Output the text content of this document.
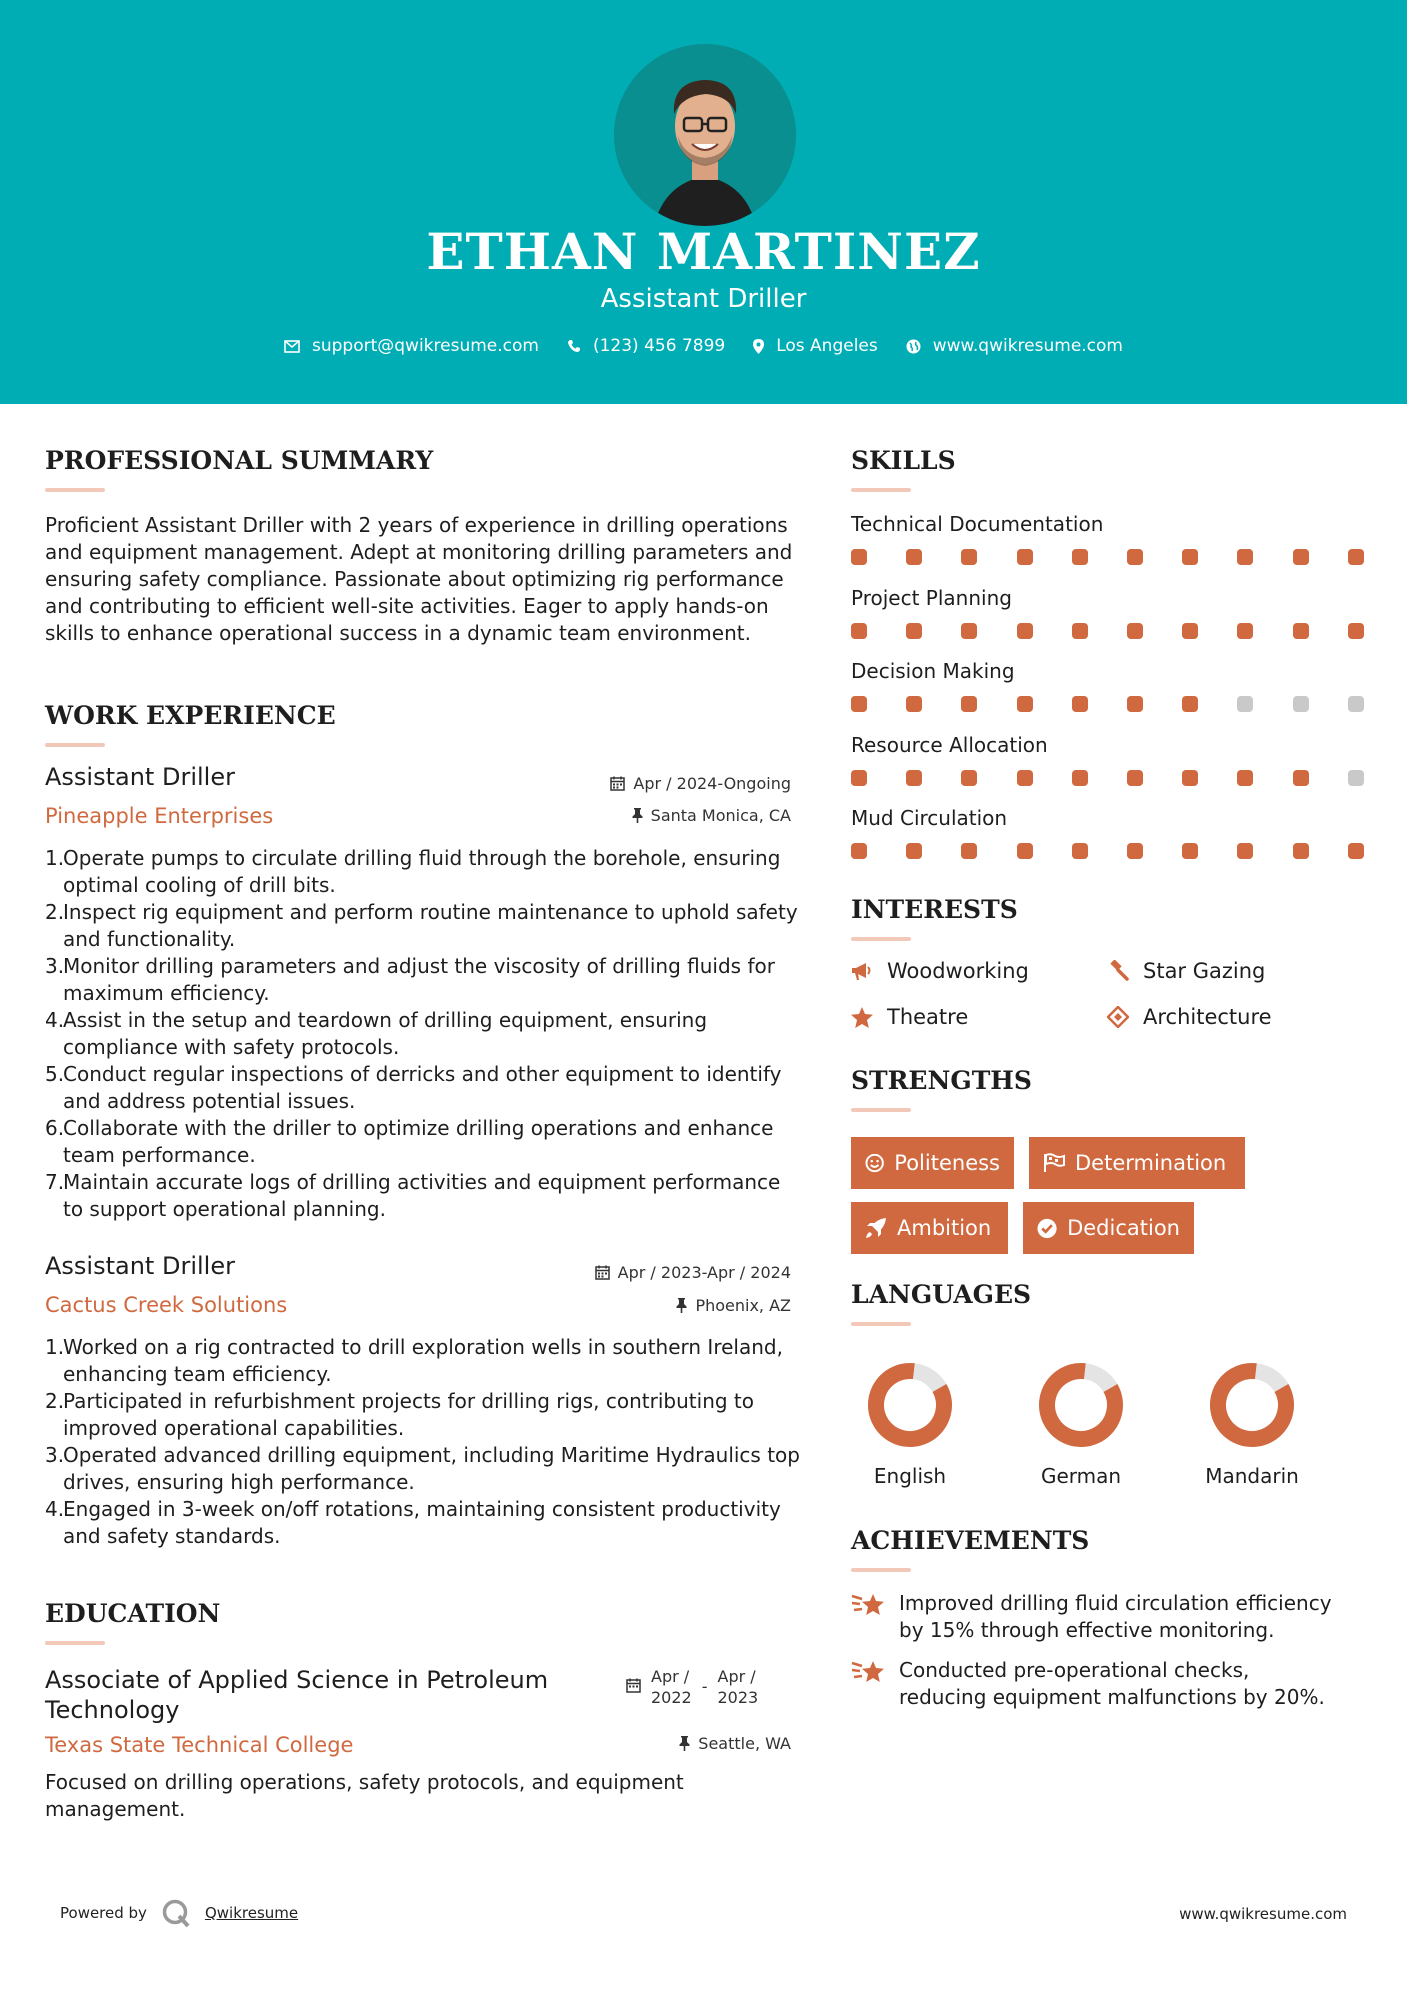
ETHAN MARTINEZ
Assistant Driller
support@qwikresume.com	(123) 456 7899	Los Angeles	www.qwikresume.com
PROFESSIONAL SUMMARY
Proficient Assistant Driller with 2 years of experience in drilling operations and equipment management. Adept at monitoring drilling parameters and ensuring safety compliance. Passionate about optimizing rig performance and contributing to efficient well-site activities. Eager to apply hands-on skills to enhance operational success in a dynamic team environment.
WORK EXPERIENCE
Assistant Driller	Apr / 2024-Ongoing
Pineapple Enterprises	Santa Monica, CA
1.
Operate pumps to circulate drilling fluid through the borehole, ensuring optimal cooling of drill bits.
2.
Inspect rig equipment and perform routine maintenance to uphold safety and functionality.
3.
Monitor drilling parameters and adjust the viscosity of drilling fluids for maximum efficiency.
4.
Assist in the setup and teardown of drilling equipment, ensuring compliance with safety protocols.
5.
Conduct regular inspections of derricks and other equipment to identify and address potential issues.
6.
Collaborate with the driller to optimize drilling operations and enhance team performance.
7.
Maintain accurate logs of drilling activities and equipment performance to support operational planning.
Assistant Driller	Apr / 2023-Apr / 2024
Cactus Creek Solutions	Phoenix, AZ
1.
Worked on a rig contracted to drill exploration wells in southern Ireland, enhancing team efficiency.
2.
Participated in refurbishment projects for drilling rigs, contributing to improved operational capabilities.
3.
Operated advanced drilling equipment, including Maritime Hydraulics top drives, ensuring high performance.
4.
Engaged in 3-week on/off rotations, maintaining consistent productivity and safety standards.
EDUCATION
Associate of Applied Science in Petroleum
Technology
Apr /
2022
-
Apr /
2023
Texas State Technical College	Seattle, WA
Focused on drilling operations, safety protocols, and equipment management.
SKILLS
Technical Documentation
Project Planning
Decision Making
Resource Allocation
Mud Circulation
INTERESTS
Woodworking	Star Gazing
Theatre	Architecture
STRENGTHS
Politeness	Determination
Ambition	Dedication
LANGUAGES
English	German	Mandarin
ACHIEVEMENTS
Improved drilling fluid circulation efficiency
by 15% through effective monitoring.
Conducted pre-operational checks,
reducing equipment malfunctions by 20%.
Powered by	Qwikresume	www.qwikresume.com
